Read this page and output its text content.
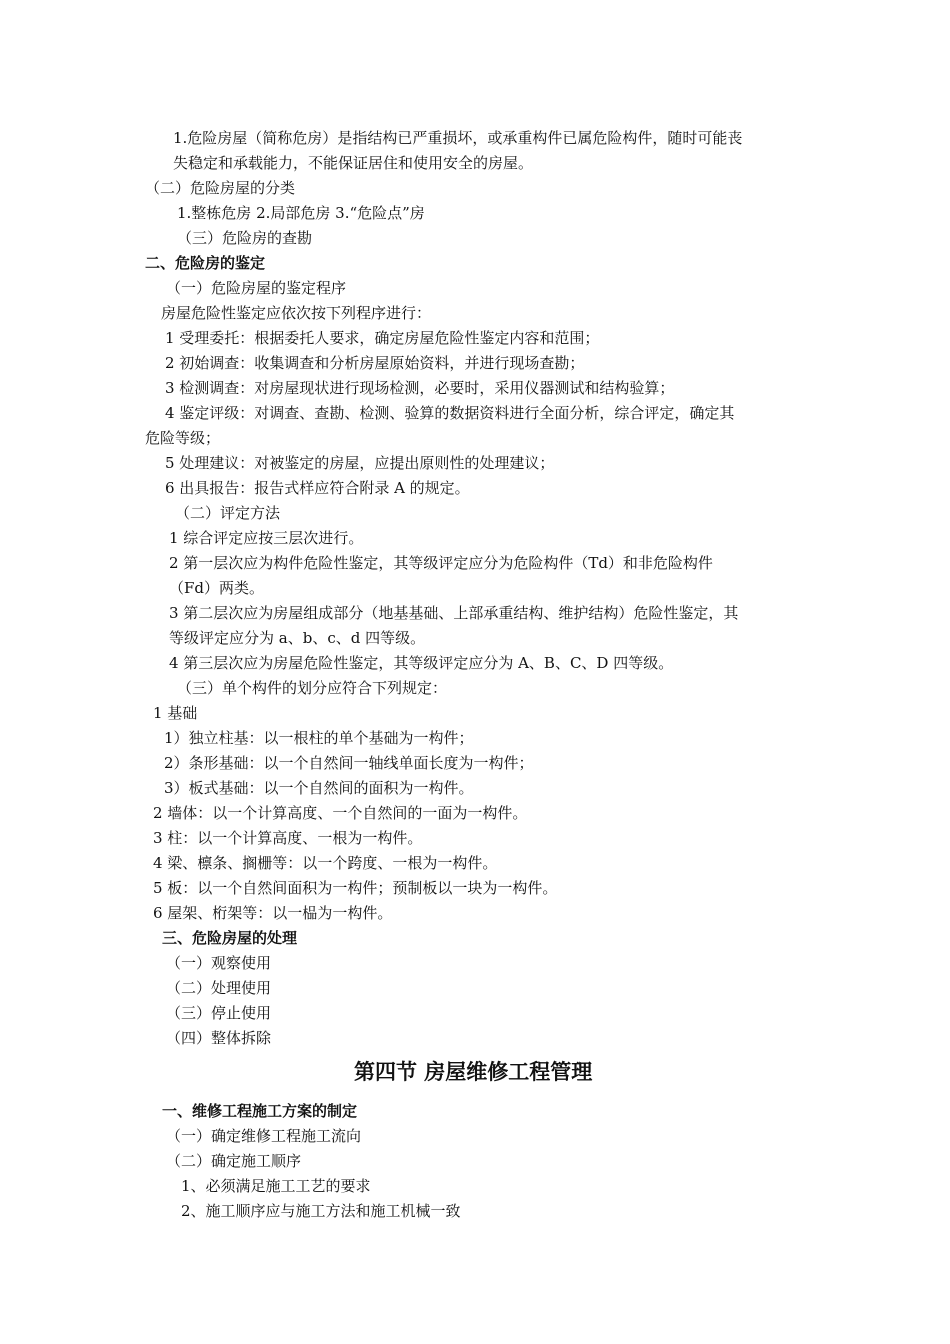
1.危险房屋（简称危房）是指结构已严重损坏，或承重构件已属危险构件，随时可能丧
失稳定和承载能力，不能保证居住和使用安全的房屋。
（二）危险房屋的分类
1.整栋危房 2.局部危房 3.“危险点”房
（三）危险房的查勘
二、危险房的鉴定
（一）危险房屋的鉴定程序
房屋危险性鉴定应依次按下列程序进行：
1 受理委托：根据委托人要求，确定房屋危险性鉴定内容和范围；
2 初始调查：收集调查和分析房屋原始资料，并进行现场查勘；
3 检测调查：对房屋现状进行现场检测，必要时，采用仪器测试和结构验算；
4 鉴定评级：对调查、查勘、检测、验算的数据资料进行全面分析，综合评定，确定其
危险等级；
5 处理建议：对被鉴定的房屋，应提出原则性的处理建议；
6 出具报告：报告式样应符合附录 A 的规定。
（二）评定方法
1 综合评定应按三层次进行。
2 第一层次应为构件危险性鉴定，其等级评定应分为危险构件（Td）和非危险构件
（Fd）两类。
3 第二层次应为房屋组成部分（地基基础、上部承重结构、维护结构）危险性鉴定，其
等级评定应分为 a、b、c、d 四等级。
4 第三层次应为房屋危险性鉴定，其等级评定应分为 A、B、C、D 四等级。
（三）单个构件的划分应符合下列规定：
1 基础
1）独立柱基：以一根柱的单个基础为一构件；
2）条形基础：以一个自然间一轴线单面长度为一构件；
3）板式基础：以一个自然间的面积为一构件。
2 墙体：以一个计算高度、一个自然间的一面为一构件。
3 柱：以一个计算高度、一根为一构件。
4 梁、檩条、搁栅等：以一个跨度、一根为一构件。
5 板：以一个自然间面积为一构件；预制板以一块为一构件。
6 屋架、桁架等：以一榀为一构件。
三、危险房屋的处理
（一）观察使用
（二）处理使用
（三）停止使用
（四）整体拆除
第四节 房屋维修工程管理
一、维修工程施工方案的制定
（一）确定维修工程施工流向
（二）确定施工顺序
1、必须满足施工工艺的要求
2、施工顺序应与施工方法和施工机械一致
